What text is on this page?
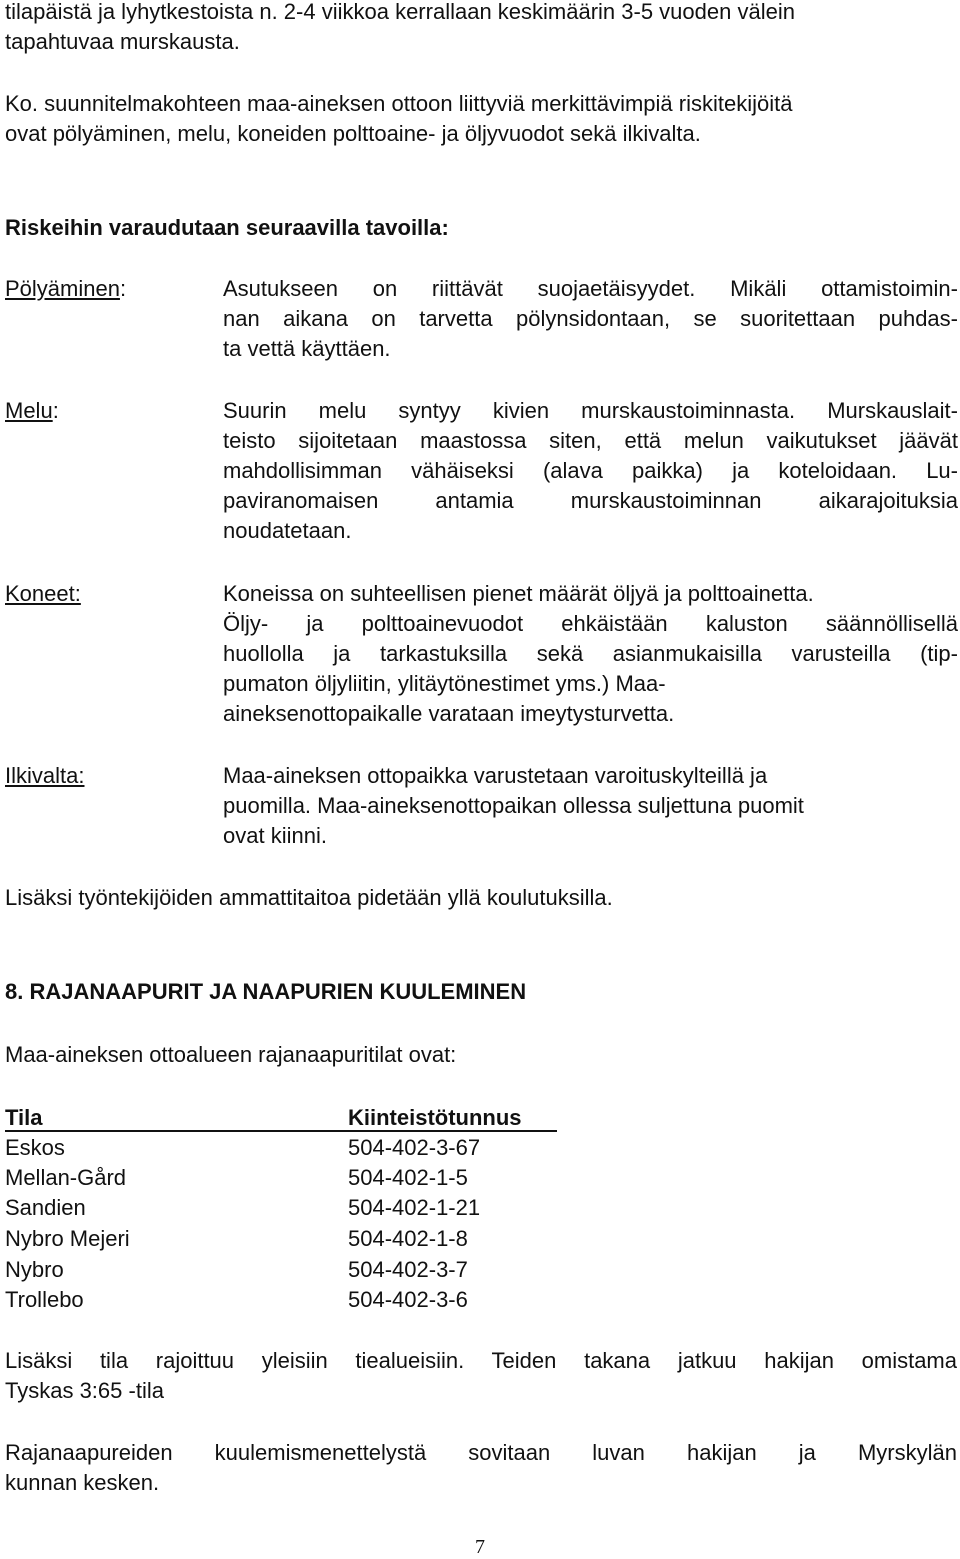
tilapäistä ja lyhytkestoista n. 2-4 viikkoa kerrallaan keskimäärin 3-5 vuoden välein
tapahtuvaa murskausta.

Ko. suunnitelmakohteen maa-aineksen ottoon liittyviä merkittävimpiä riskitekijöitä
ovat pölyäminen, melu, koneiden polttoaine- ja öljyvuodot sekä ilkivalta.

Riskeihin varaudutaan seuraavilla tavoilla:

Pölyäminen:	Asutukseen on riittävät suojaetäisyydet. Mikäli ottamistoimin-
nan aikana on tarvetta pölynsidontaan, se suoritettaan puhdas-
ta vettä käyttäen.

Melu:	Suurin melu syntyy kivien murskaustoiminnasta. Murskauslait-
teisto sijoitetaan maastossa siten, että melun vaikutukset jäävät
mahdollisimman vähäiseksi (alava paikka) ja koteloidaan. Lu-
paviranomaisen antamia murskaustoiminnan aikarajoituksia
noudatetaan.

Koneet:	Koneissa on suhteellisen pienet määrät öljyä ja polttoainetta.
Öljy- ja polttoainevuodot ehkäistään kaluston säännöllisellä
huollolla ja tarkastuksilla sekä asianmukaisilla varusteilla (tip-
pumaton öljyliitin, ylitäytönestimet yms.) Maa-
aineksenottopaikalle varataan imeytysturvetta.

Ilkivalta:	Maa-aineksen ottopaikka varustetaan varoituskylteillä ja
puomilla. Maa-aineksenottopaikan ollessa suljettuna puomit
ovat kiinni.

Lisäksi työntekijöiden ammattitaitoa pidetään yllä koulutuksilla.

8. RAJANAAPURIT JA NAAPURIEN KUULEMINEN

Maa-aineksen ottoalueen rajanaapuritilat ovat:

Tila	Kiinteistötunnus
Eskos	504-402-3-67
Mellan-Gård	504-402-1-5
Sandien	504-402-1-21
Nybro Mejeri	504-402-1-8
Nybro	504-402-3-7
Trollebo	504-402-3-6

Lisäksi tila rajoittuu yleisiin tiealueisiin. Teiden takana jatkuu hakijan omistama
Tyskas 3:65 -tila

Rajanaapureiden kuulemismenettelystä sovitaan luvan hakijan ja Myrskylän
kunnan kesken.

7
